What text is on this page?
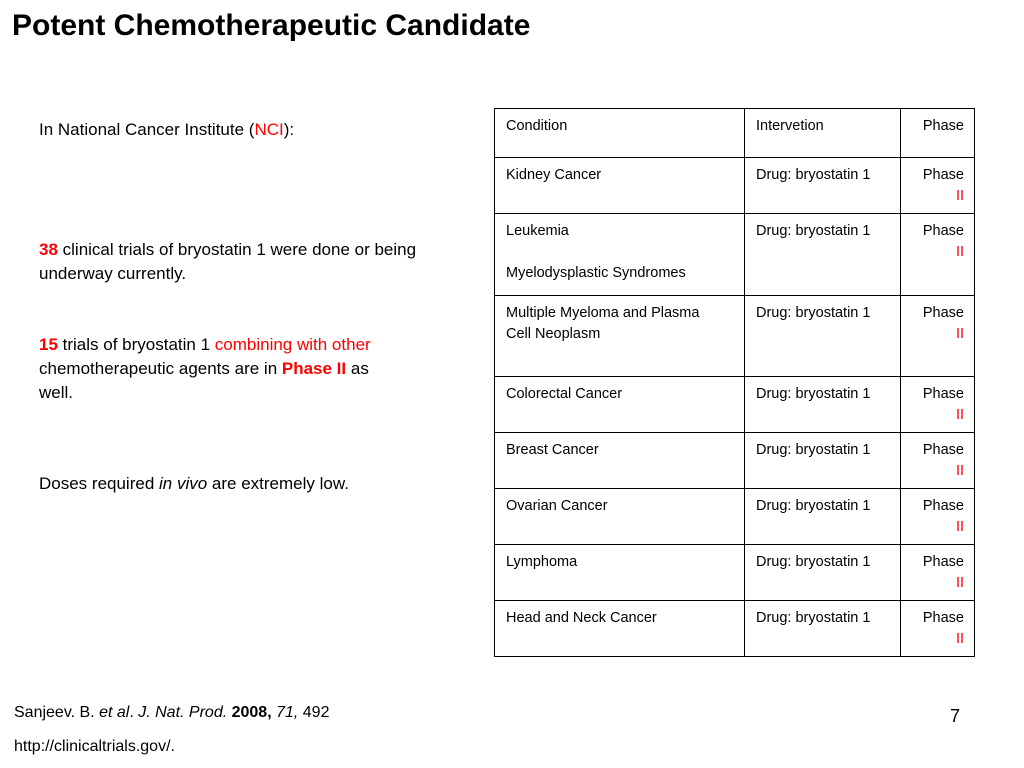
Potent Chemotherapeutic Candidate
In National Cancer Institute (NCI):
38 clinical trials of bryostatin 1 were done or being underway currently.
15 trials of bryostatin 1 combining with other  chemotherapeutic agents are in Phase II as well.
Doses required in vivo are extremely low.
Condition	Intervetion	Phase
Kidney Cancer	Drug: bryostatin 1	Phase
II
Leukemia
Myelodysplastic Syndromes	Drug: bryostatin 1	Phase
II
Multiple Myeloma and Plasma Cell Neoplasm	Drug: bryostatin 1	Phase
II
Colorectal Cancer	Drug: bryostatin 1	Phase
II
Breast Cancer	Drug: bryostatin 1	Phase
II
Ovarian Cancer	Drug: bryostatin 1	Phase
II
Lymphoma	Drug: bryostatin 1	Phase
II
Head and Neck Cancer	Drug: bryostatin 1	Phase
II
Sanjeev. B. et al. J. Nat. Prod. 2008, 71, 492
http://clinicaltrials.gov/.
7
